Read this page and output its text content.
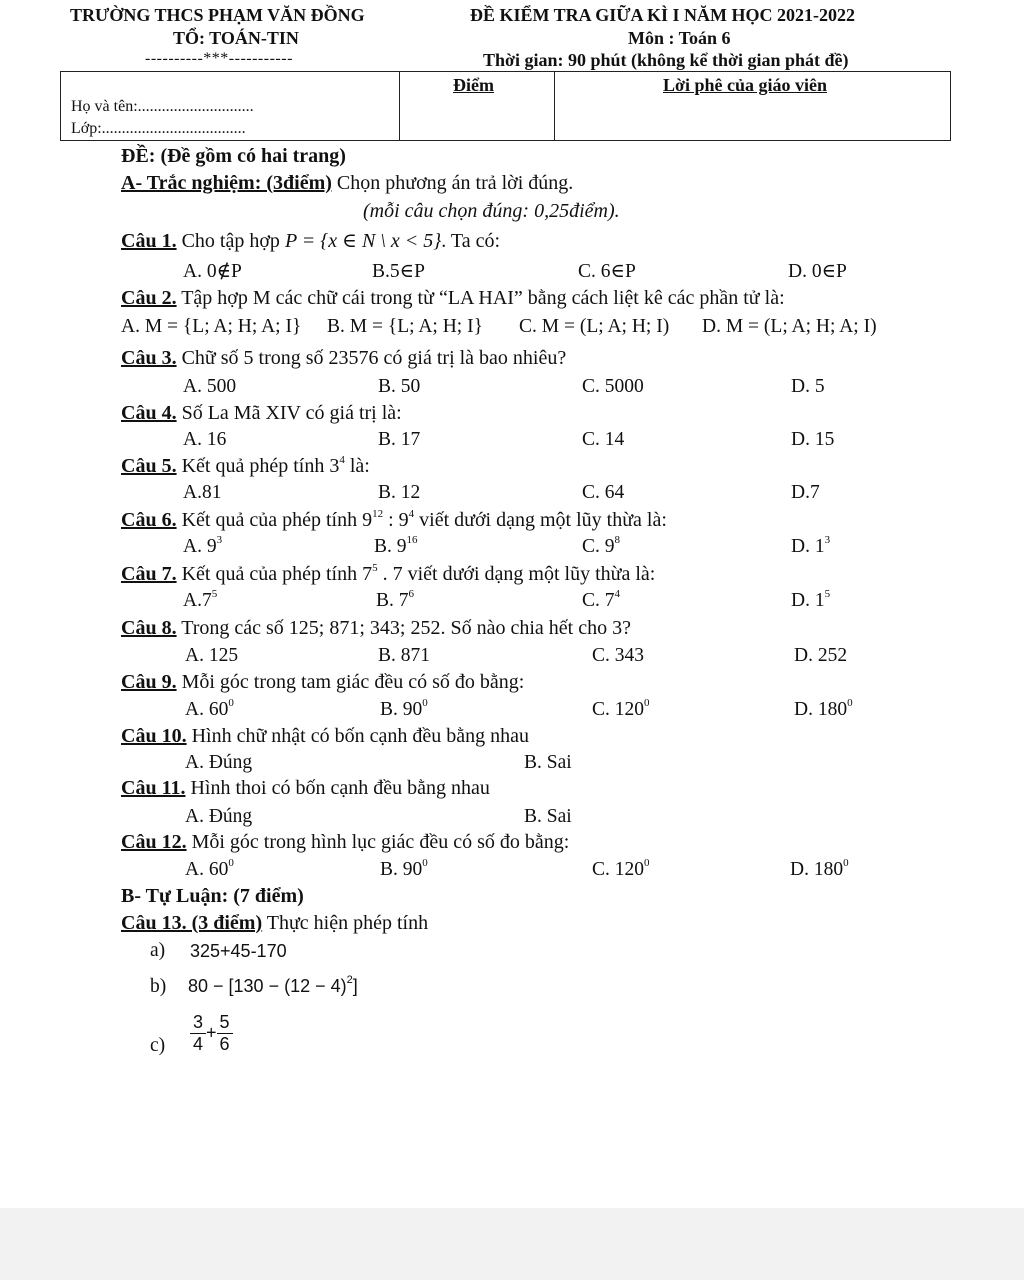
TRƯỜNG THCS PHẠM VĂN ĐỒNG
TỔ: TOÁN-TIN
----------***-----------
ĐỀ KIỂM TRA GIỮA KÌ I NĂM HỌC 2021-2022
Môn : Toán 6
Thời gian: 90 phút (không kể thời gian phát đề)
Họ và tên:.............................
Lớp:....................................
Điểm	Lời phê của giáo viên
ĐỀ: (Đề gồm có hai trang)
A- Trắc nghiệm: (3điểm) Chọn phương án trả lời đúng.
(mỗi câu chọn đúng: 0,25điểm).
Câu 1. Cho tập hợp P = {x ∈ N \ x < 5}. Ta có:
A. 0∉P	B.5∈P	C. 6∈P	D. 0∈P
Câu 2. Tập hợp M các chữ cái trong từ “LA HAI” bằng cách liệt kê các phần tử là:
A. M = {L; A; H; A; I} B. M = {L; A; H; I} C. M = (L; A; H; I) D. M = (L; A; H; A; I)
Câu 3. Chữ số 5 trong số 23576 có giá trị là bao nhiêu?
A. 500	B. 50	C. 5000	D. 5
Câu 4. Số La Mã XIV có giá trị là:
A. 16	B. 17	C. 14	D. 15
Câu 5. Kết quả phép tính $3^4$ là:
A.81	B. 12	C. 64	D.7
Câu 6. Kết quả của phép tính $9^{12}$ : $9^4$ viết dưới dạng một lũy thừa là:
A. $9^3$	B. $9^{16}$	C. $9^8$	D. $1^3$
Câu 7. Kết quả của phép tính $7^5$ . 7 viết dưới dạng một lũy thừa là:
$A.7^5$	B. $7^6$	C. $7^4$	D. $1^5$
Câu 8. Trong các số 125; 871; 343; 252. Số nào chia hết cho 3?
A. 125	B. 871	C. 343	D. 252
Câu 9. Mỗi góc trong tam giác đều có số đo bằng:
A. $60^0$	B. $90^0$	C. $120^0$	D. $180^0$
Câu 10. Hình chữ nhật có bốn cạnh đều bằng nhau
A. Đúng	B. Sai
Câu 11. Hình thoi có bốn cạnh đều bằng nhau
A. Đúng	B. Sai
Câu 12. Mỗi góc trong hình lục giác đều có số đo bằng:
A. $60^0$	B. $90^0$	C. $120^0$	D. $180^0$
B- Tự Luận: (7 điểm)
Câu 13. (3 điểm) Thực hiện phép tính
a) 325+45-170
b) $80 - [130 - (12 - 4)^2]$
$c) \frac{3}{4} + \frac{5}{6}$
